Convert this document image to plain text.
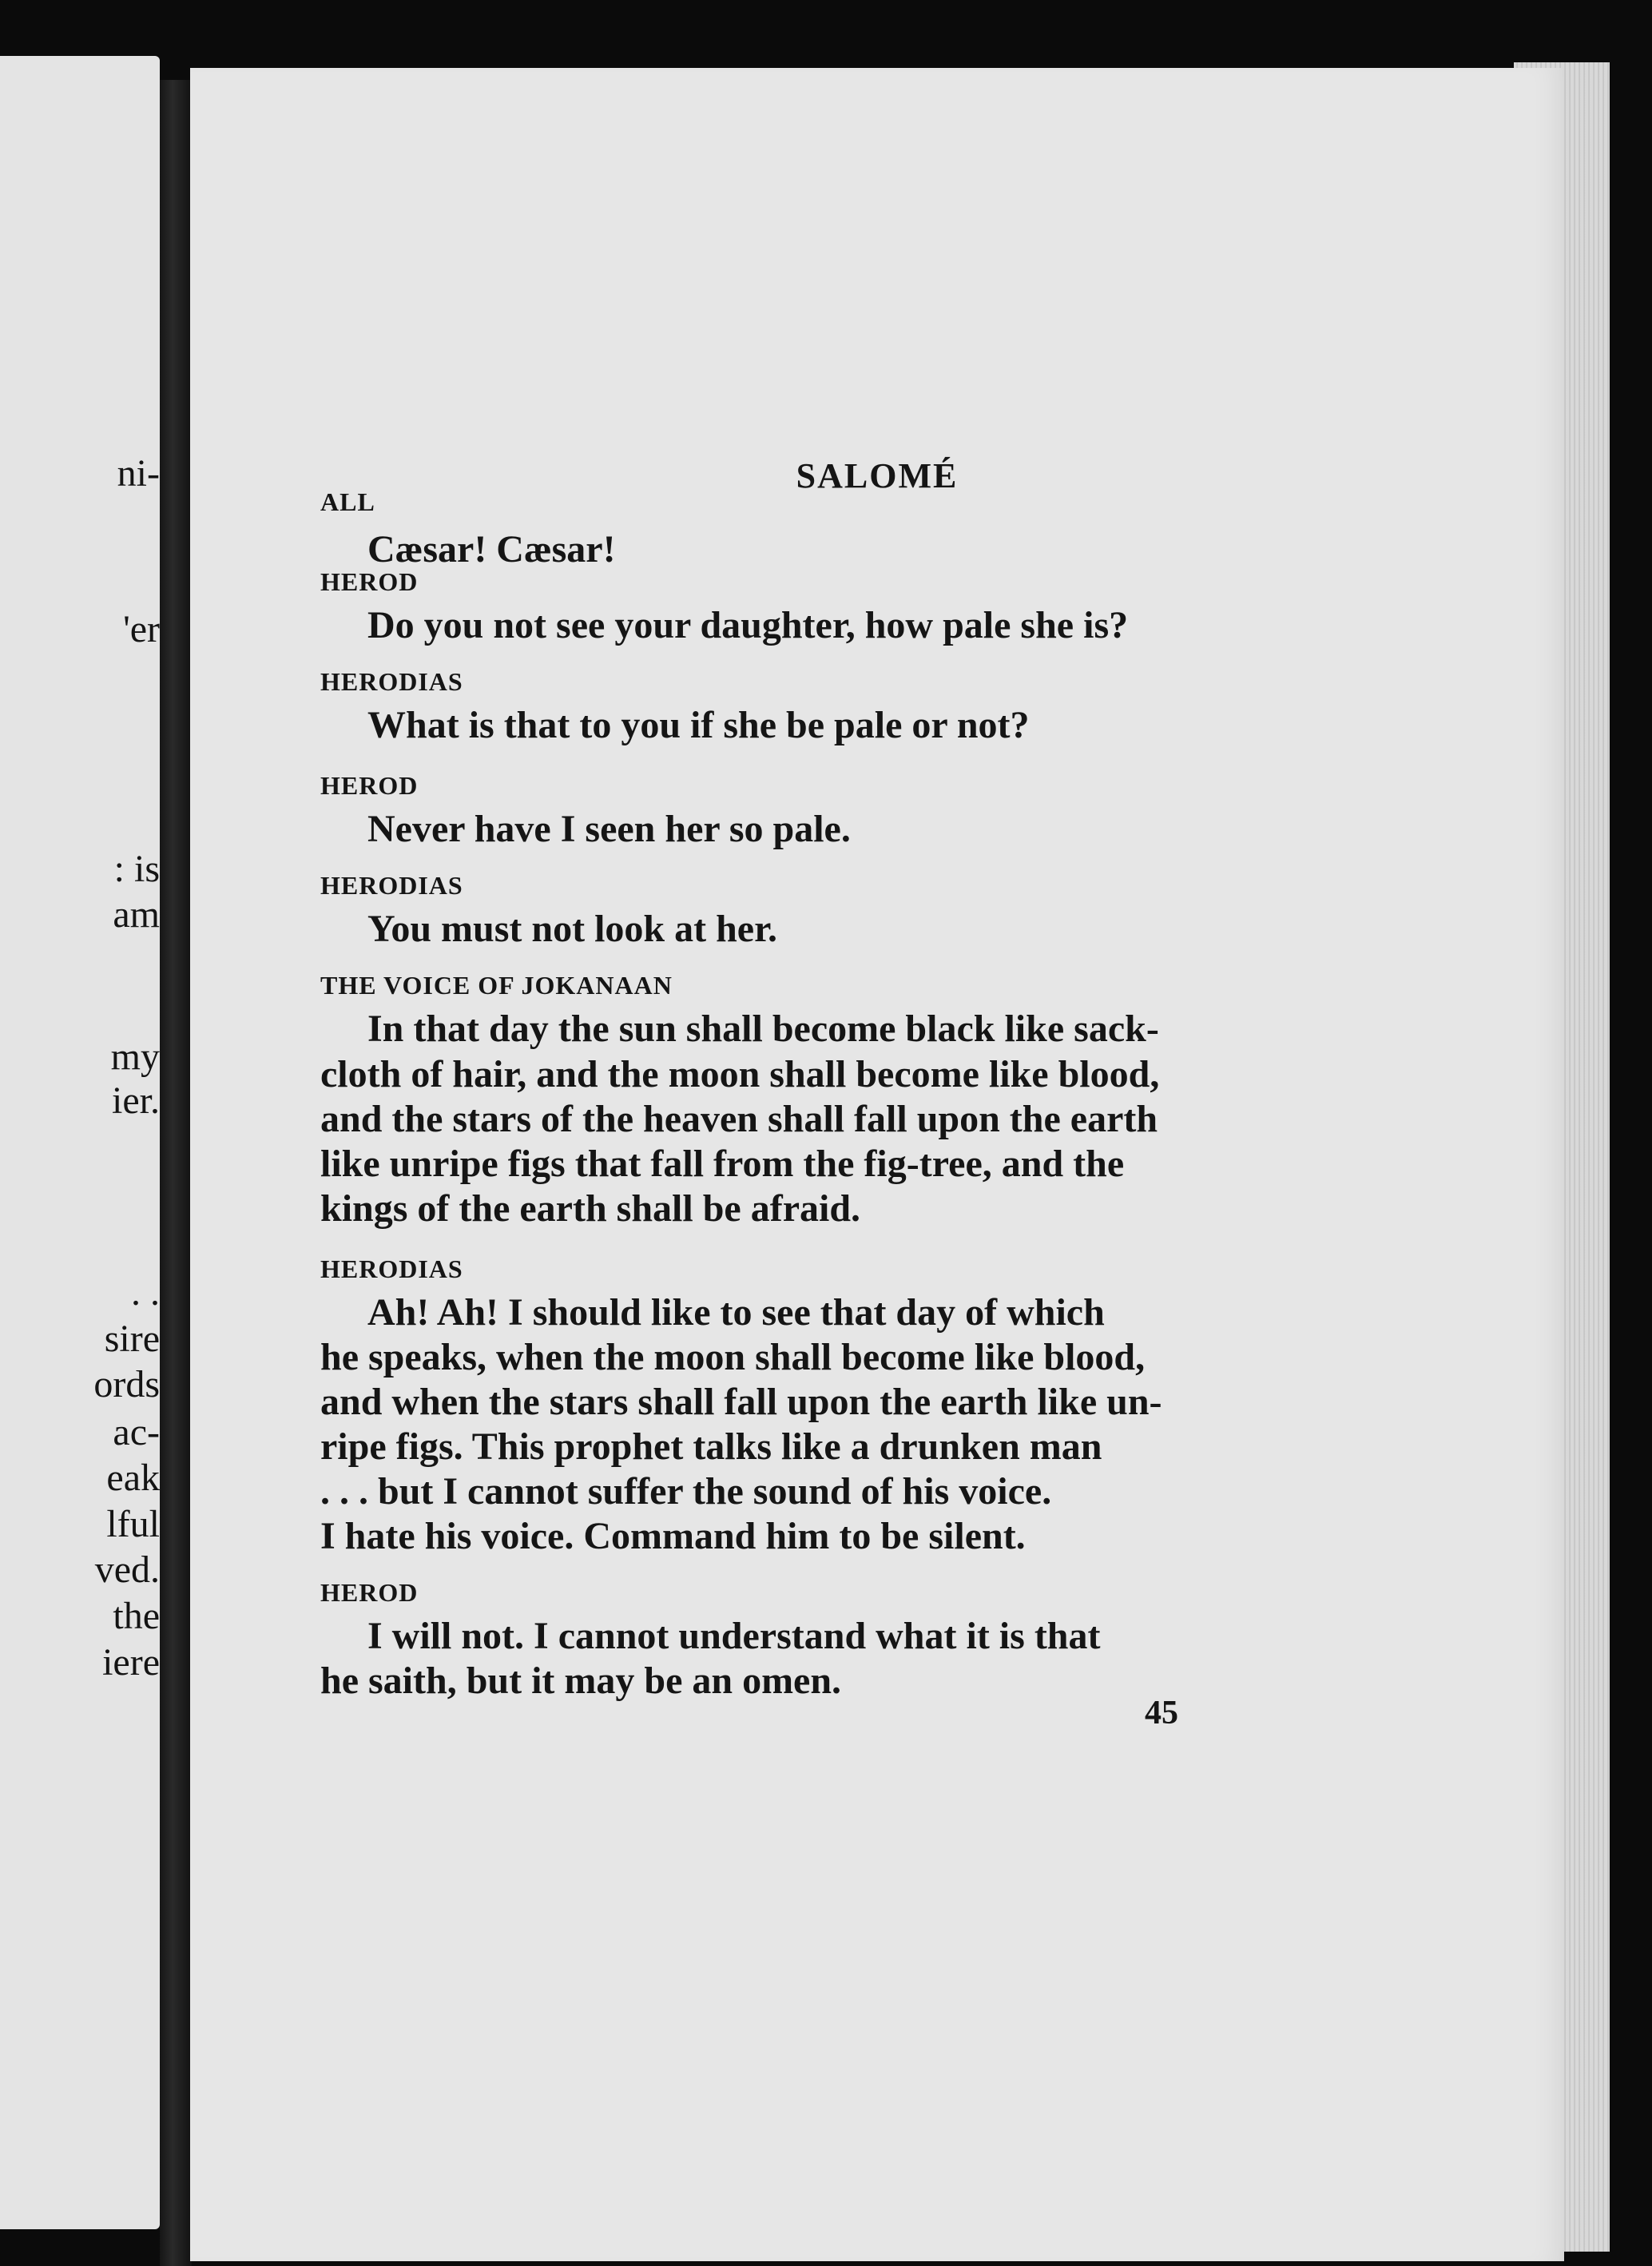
ni-
'er
: is
am
my
ier.
. .
sire
ords
ac-
eak
lful
ved.
the
iere
SALOMÉ
ALL
Cæsar! Cæsar!
HEROD
Do you not see your daughter, how pale she is?
HERODIAS
What is that to you if she be pale or not?
HEROD
Never have I seen her so pale.
HERODIAS
You must not look at her.
THE VOICE OF JOKANAAN
In that day the sun shall become black like sack-
cloth of hair, and the moon shall become like blood,
and the stars of the heaven shall fall upon the earth
like unripe figs that fall from the fig-tree, and the
kings of the earth shall be afraid.
HERODIAS
Ah! Ah! I should like to see that day of which
he speaks, when the moon shall become like blood,
and when the stars shall fall upon the earth like un-
ripe figs. This prophet talks like a drunken man
. . . but I cannot suffer the sound of his voice.
I hate his voice. Command him to be silent.
HEROD
I will not. I cannot understand what it is that
he saith, but it may be an omen.
45
